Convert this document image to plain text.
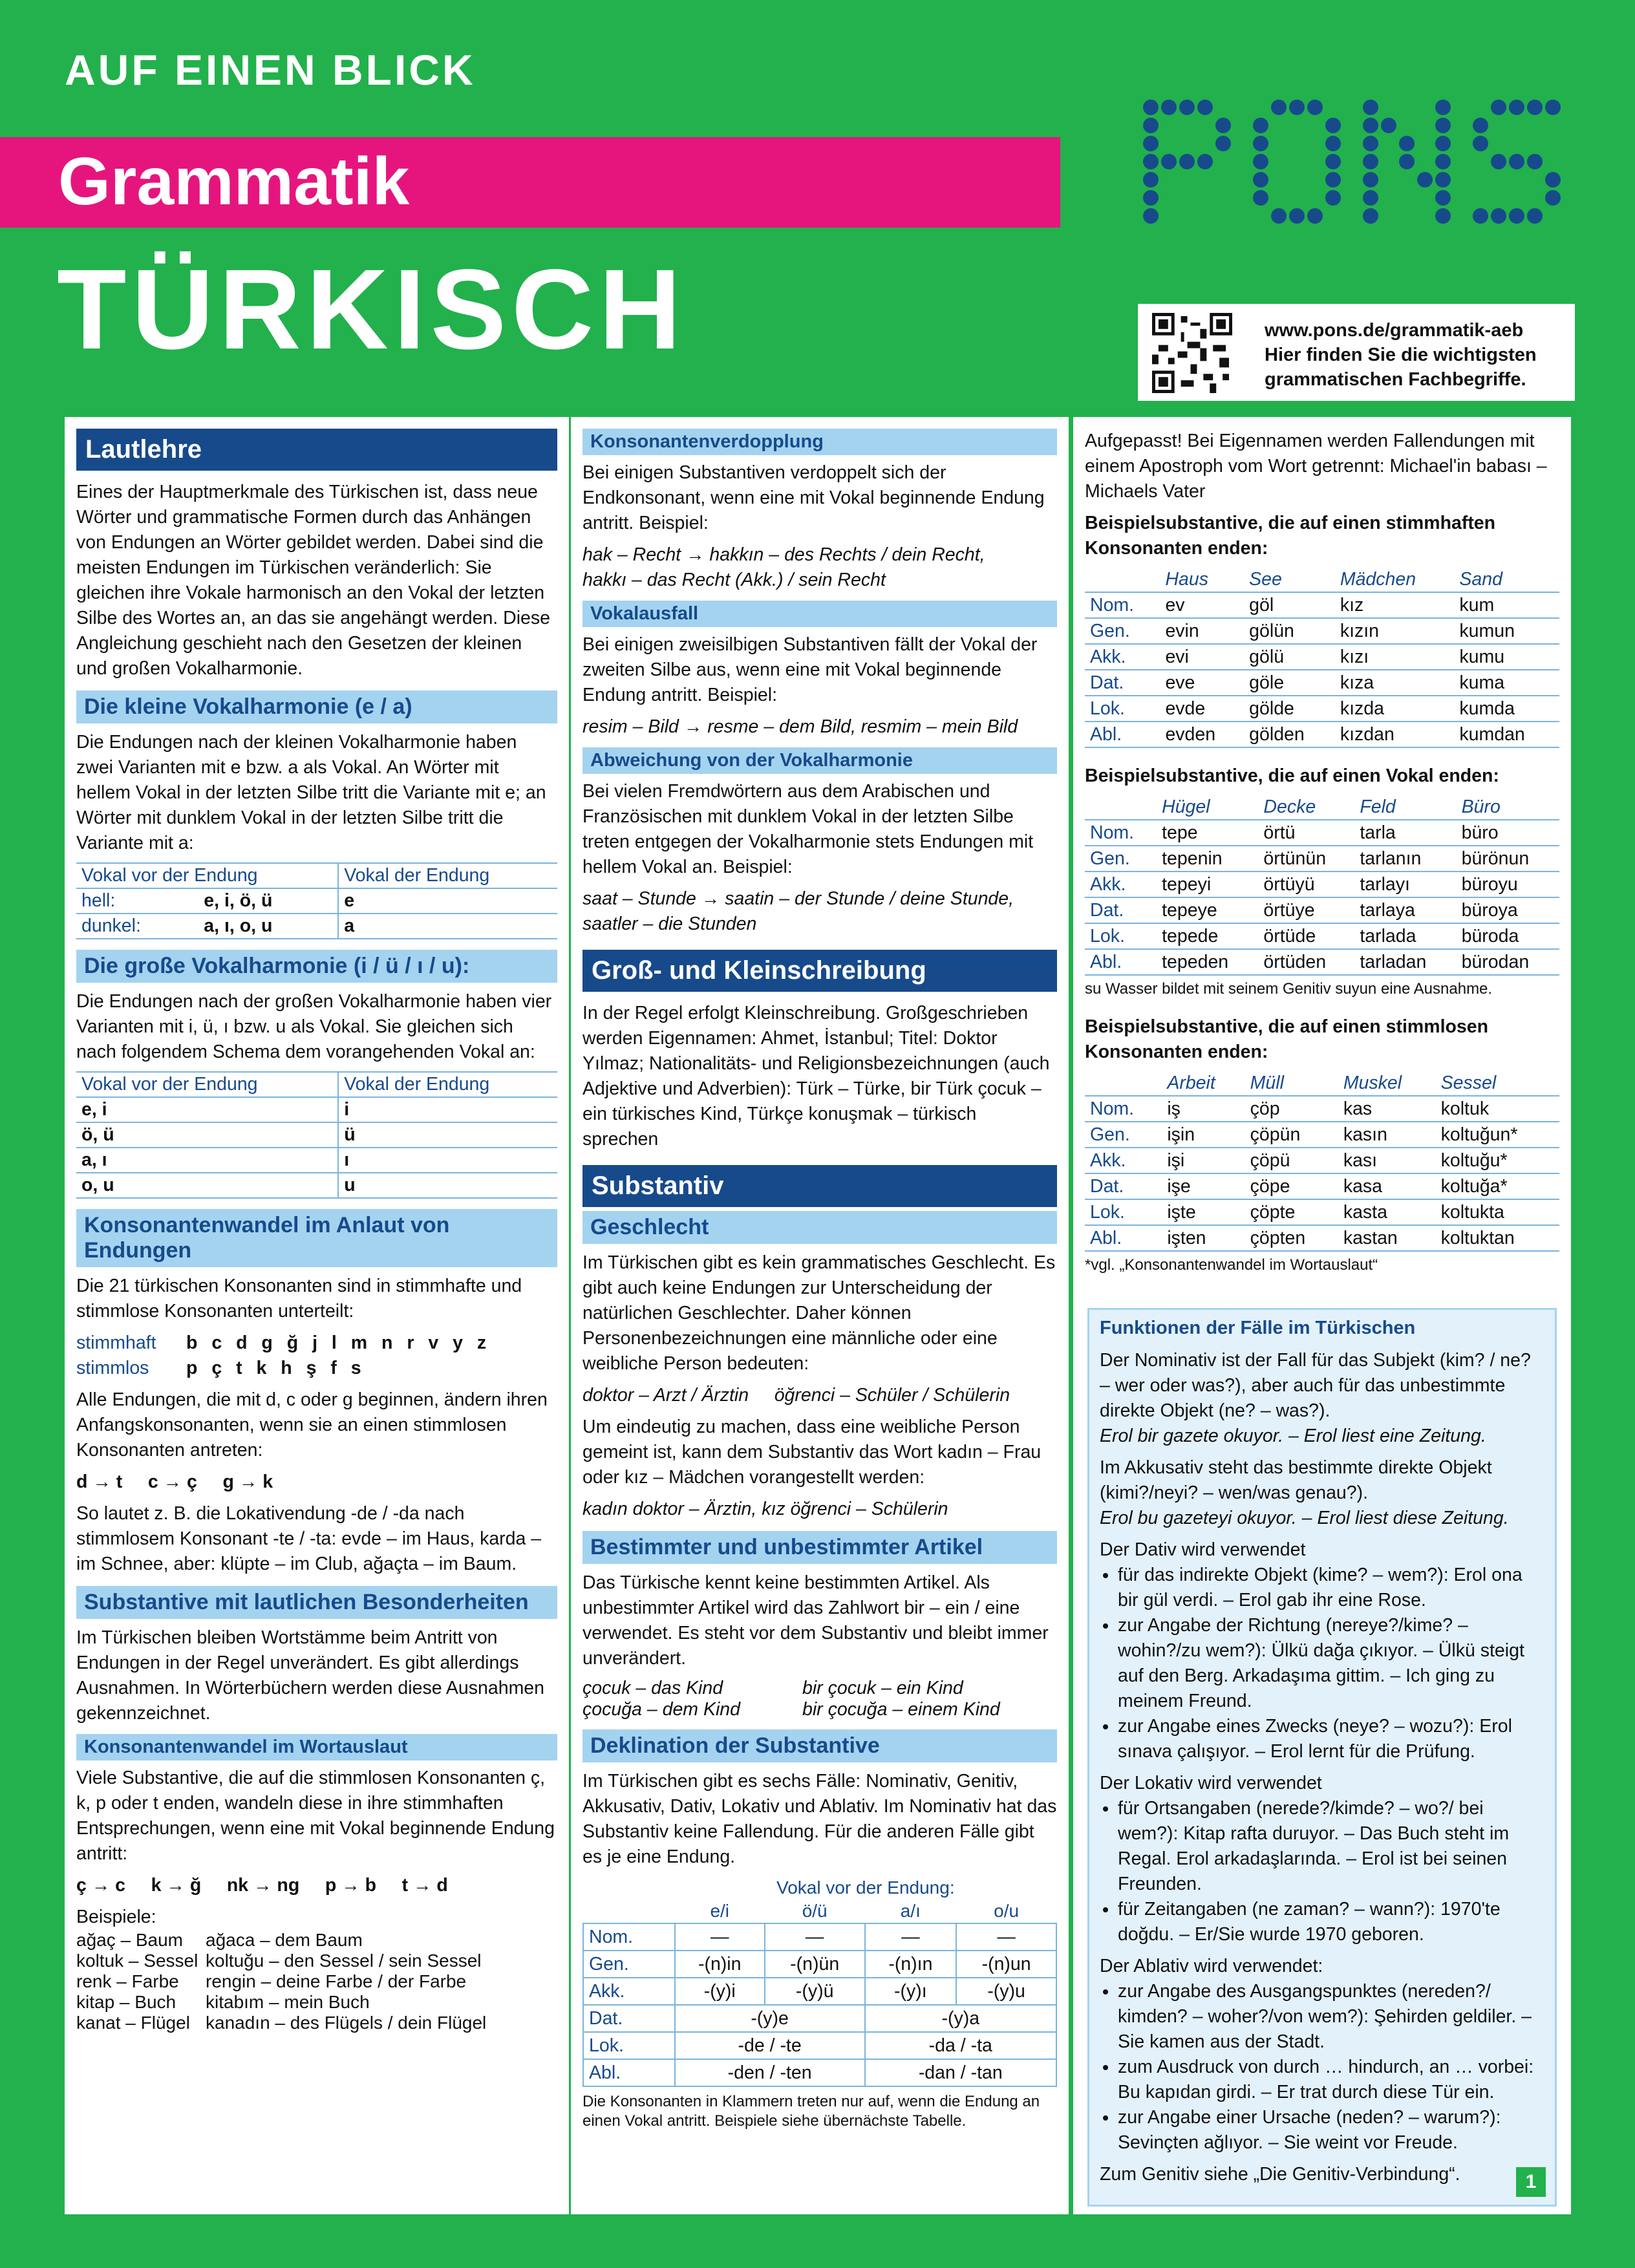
AUF EINEN BLICK
Grammatik
TÜRKISCH
PONS
www.pons.de/grammatik-aeb
Hier finden Sie die wichtigsten
grammatischen Fachbegriffe.
Lautlehre

Eines der Hauptmerkmale des Türkischen ist, dass neue Wörter und grammatische Formen durch das Anhängen von Endungen an Wörter gebildet werden. Dabei sind die meisten Endungen im Türkischen veränderlich: Sie gleichen ihre Vokale harmonisch an den Vokal der letzten Silbe des Wortes an, an das sie angehängt werden. Diese Angleichung geschieht nach den Gesetzen der kleinen und großen Vokalharmonie.

Die kleine Vokalharmonie (e / a)

Die Endungen nach der kleinen Vokalharmonie haben zwei Varianten mit e bzw. a als Vokal. An Wörter mit hellem Vokal in der letzten Silbe tritt die Variante mit e; an Wörter mit dunklem Vokal in der letzten Silbe tritt die Variante mit a:

Vokal vor der Endung		Vokal der Endung
hell:	e, i, ö, ü	e
dunkel:	a, ı, o, u	a
Die große Vokalharmonie (i / ü / ı / u):

Die Endungen nach der großen Vokalharmonie haben vier Varianten mit i, ü, ı bzw. u als Vokal. Sie gleichen sich nach folgendem Schema dem vorangehenden Vokal an:

Vokal vor der Endung	Vokal der Endung
e, i	i
ö, ü	ü
a, ı	ı
o, u	u
Konsonantenwandel im Anlaut von Endungen

Die 21 türkischen Konsonanten sind in stimmhafte und stimmlose Konsonanten unterteilt:

stimmhaft	b c d g ğ j l m n r v y z
stimmlos	p ç t k h ş f s

Alle Endungen, die mit d, c oder g beginnen, ändern ihren Anfangskonsonanten, wenn sie an einen stimmlosen Konsonanten antreten:

d → t     c → ç     g → k

So lautet z. B. die Lokativendung -de / -da nach stimmlosem Konsonant -te / -ta: evde – im Haus, karda – im Schnee, aber: klüpte – im Club, ağaçta – im Baum.

Substantive mit lautlichen Besonderheiten

Im Türkischen bleiben Wortstämme beim Antritt von Endungen in der Regel unverändert. Es gibt allerdings Ausnahmen. In Wörterbüchern werden diese Ausnahmen gekennzeichnet.

Konsonantenwandel im Wortauslaut

Viele Substantive, die auf die stimmlosen Konsonanten ç, k, p oder t enden, wandeln diese in ihre stimmhaften Entsprechungen, wenn eine mit Vokal beginnende Endung antritt:

ç → c     k → ğ     nk → ng     p → b     t → d

Beispiele:
ağaç – Baum	ağaca – dem Baum
koltuk – Sessel	koltuğu – den Sessel / sein Sessel
renk – Farbe	rengin – deine Farbe / der Farbe
kitap – Buch	kitabım – mein Buch
kanat – Flügel	kanadın – des Flügels / dein Flügel
Konsonantenverdopplung

Bei einigen Substantiven verdoppelt sich der Endkonsonant, wenn eine mit Vokal beginnende Endung antritt. Beispiel:

hak – Recht → hakkın – des Rechts / dein Recht,
hakkı – das Recht (Akk.) / sein Recht
Vokalausfall

Bei einigen zweisilbigen Substantiven fällt der Vokal der zweiten Silbe aus, wenn eine mit Vokal beginnende Endung antritt. Beispiel:

resim – Bild → resme – dem Bild, resmim – mein Bild
Abweichung von der Vokalharmonie

Bei vielen Fremdwörtern aus dem Arabischen und Französischen mit dunklem Vokal in der letzten Silbe treten entgegen der Vokalharmonie stets Endungen mit hellem Vokal an. Beispiel:

saat – Stunde → saatin – der Stunde / deine Stunde,
saatler – die Stunden
Groß- und Kleinschreibung

In der Regel erfolgt Kleinschreibung. Großgeschrieben werden Eigennamen: Ahmet, İstanbul; Titel: Doktor Yılmaz; Nationalitäts- und Religionsbezeichnungen (auch Adjektive und Adverbien): Türk – Türke, bir Türk çocuk – ein türkisches Kind, Türkçe konuşmak – türkisch sprechen

Substantiv
Geschlecht

Im Türkischen gibt es kein grammatisches Geschlecht. Es gibt auch keine Endungen zur Unterscheidung der natürlichen Geschlechter. Daher können Personenbezeichnungen eine männliche oder eine weibliche Person bedeuten:

doktor – Arzt / Ärztin     öğrenci – Schüler / Schülerin

Um eindeutig zu machen, dass eine weibliche Person gemeint ist, kann dem Substantiv das Wort kadın – Frau oder kız – Mädchen vorangestellt werden:

kadın doktor – Ärztin, kız öğrenci – Schülerin

Bestimmter und unbestimmter Artikel

Das Türkische kennt keine bestimmten Artikel. Als unbestimmter Artikel wird das Zahlwort bir – ein / eine verwendet. Es steht vor dem Substantiv und bleibt immer unverändert.

çocuk – das Kind	bir çocuk – ein Kind
çocuğa – dem Kind	bir çocuğa – einem Kind
Deklination der Substantive

Im Türkischen gibt es sechs Fälle: Nominativ, Genitiv, Akkusativ, Dativ, Lokativ und Ablativ. Im Nominativ hat das Substantiv keine Fallendung. Für die anderen Fälle gibt es je eine Endung.

	Vokal vor der Endung:			
	e/i	ö/ü	a/ı	o/u
Nom.	—	—	—	—
Gen.	-(n)in	-(n)ün	-(n)ın	-(n)un
Akk.	-(y)i	-(y)ü	-(y)ı	-(y)u
Dat.	-(y)e		-(y)a	
Lok.	-de / -te		-da / -ta	
Abl.	-den / -ten		-dan / -tan	
Die Konsonanten in Klammern treten nur auf, wenn die Endung an einen Vokal antritt. Beispiele siehe übernächste Tabelle.

Aufgepasst! Bei Eigennamen werden Fallendungen mit einem Apostroph vom Wort getrennt: Michael'in babası – Michaels Vater

Beispielsubstantive, die auf einen stimmhaften Konsonanten enden:
	Haus	See	Mädchen	Sand
Nom.	ev	göl	kız	kum
Gen.	evin	gölün	kızın	kumun
Akk.	evi	gölü	kızı	kumu
Dat.	eve	göle	kıza	kuma
Lok.	evde	gölde	kızda	kumda
Abl.	evden	gölden	kızdan	kumdan
Beispielsubstantive, die auf einen Vokal enden:
	Hügel	Decke	Feld	Büro
Nom.	tepe	örtü	tarla	büro
Gen.	tepenin	örtünün	tarlanın	bürönun
Akk.	tepeyi	örtüyü	tarlayı	büroyu
Dat.	tepeye	örtüye	tarlaya	büroya
Lok.	tepede	örtüde	tarlada	büroda
Abl.	tepeden	örtüden	tarladan	bürodan
su Wasser bildet mit seinem Genitiv suyun eine Ausnahme.
Beispielsubstantive, die auf einen stimmlosen Konsonanten enden:
	Arbeit	Müll	Muskel	Sessel
Nom.	iş	çöp	kas	koltuk
Gen.	işin	çöpün	kasın	koltuğun*
Akk.	işi	çöpü	kası	koltuğu*
Dat.	işe	çöpe	kasa	koltuğa*
Lok.	işte	çöpte	kasta	koltukta
Abl.	işten	çöpten	kastan	koltuktan
*vgl. „Konsonantenwandel im Wortauslaut“
Funktionen der Fälle im Türkischen

Der Nominativ ist der Fall für das Subjekt (kim? / ne? – wer oder was?), aber auch für das unbestimmte direkte Objekt (ne? – was?).

Erol bir gazete okuyor. – Erol liest eine Zeitung.

Im Akkusativ steht das bestimmte direkte Objekt (kimi?/neyi? – wen/was genau?).

Erol bu gazeteyi okuyor. – Erol liest diese Zeitung.

Der Dativ wird verwendet
• für das indirekte Objekt (kime? – wem?): Erol ona bir gül verdi. – Erol gab ihr eine Rose.
• zur Angabe der Richtung (nereye?/kime? – wohin?/zu wem?): Ülkü dağa çıkıyor. – Ülkü steigt auf den Berg. Arkadaşıma gittim. – Ich ging zu meinem Freund.
• zur Angabe eines Zwecks (neye? – wozu?): Erol sınava çalışıyor. – Erol lernt für die Prüfung.
Der Lokativ wird verwendet
• für Ortsangaben (nerede?/kimde? – wo?/ bei wem?): Kitap rafta duruyor. – Das Buch steht im Regal. Erol arkadaşlarında. – Erol ist bei seinen Freunden.
• für Zeitangaben (ne zaman? – wann?): 1970'te doğdu. – Er/Sie wurde 1970 geboren.
Der Ablativ wird verwendet:
• zur Angabe des Ausgangspunktes (nereden?/ kimden? – woher?/von wem?): Şehirden geldiler. – Sie kamen aus der Stadt.
• zum Ausdruck von durch … hindurch, an … vorbei: Bu kapıdan girdi. – Er trat durch diese Tür ein.
• zur Angabe einer Ursache (neden? – warum?): Sevinçten ağlıyor. – Sie weint vor Freude.

Zum Genitiv siehe „Die Genitiv-Verbindung“.	1
